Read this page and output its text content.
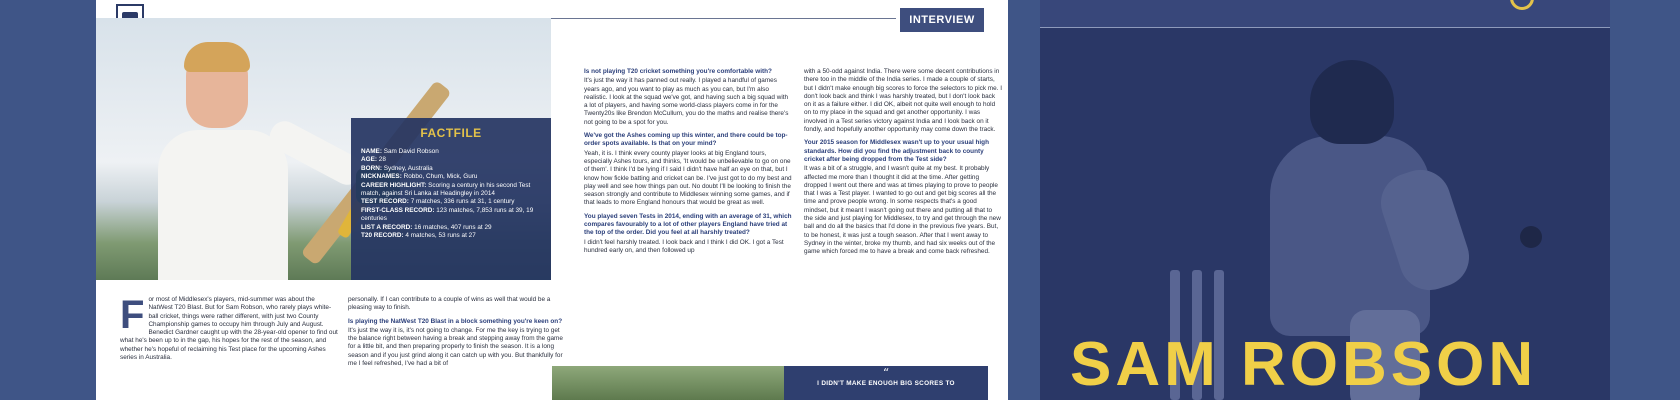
INTERVIEW
FACTFILE
NAME: Sam David Robson
AGE: 28
BORN: Sydney, Australia
NICKNAMES: Robbo, Chum, Mick, Guru
CAREER HIGHLIGHT: Scoring a century in his second Test match, against Sri Lanka at Headingley in 2014
TEST RECORD: 7 matches, 336 runs at 31, 1 century
FIRST-CLASS RECORD: 123 matches, 7,853 runs at 39, 19 centuries
LIST A RECORD: 16 matches, 407 runs at 29
T20 RECORD: 4 matches, 53 runs at 27
F or most of Middlesex's players, mid-summer was about the NatWest T20 Blast. But for Sam Robson, who rarely plays white-ball cricket, things were rather different, with just two County Championship games to occupy him through July and August. Benedict Gardner caught up with the 28-year-old opener to find out what he's been up to in the gap, his hopes for the rest of the season, and whether he's hopeful of reclaiming his Test place for the upcoming Ashes series in Australia.

personally. If I can contribute to a couple of wins as well that would be a pleasing way to finish.

Is playing the NatWest T20 Blast in a block something you're keen on?

It's just the way it is, it's not going to change. For me the key is trying to get the balance right between having a break and stepping away from the game for a little bit, and then preparing properly to finish the season. It is a long season and if you just grind along it can catch up with you. But thankfully for me I feel refreshed, I've had a bit of

Is not playing T20 cricket something you're comfortable with?

It's just the way it has panned out really. I played a handful of games years ago, and you want to play as much as you can, but I'm also realistic. I look at the squad we've got, and having such a big squad with a lot of players, and having some world-class players come in for the Twenty20s like Brendon McCullum, you do the maths and realise there's not going to be a spot for you.

We've got the Ashes coming up this winter, and there could be top-order spots available. Is that on your mind?

Yeah, it is. I think every county player looks at big England tours, especially Ashes tours, and thinks, 'It would be unbelievable to go on one of them'. I think I'd be lying if I said I didn't have half an eye on that, but I know how fickle batting and cricket can be. I've just got to do my best and play well and see how things pan out. No doubt I'll be looking to finish the season strongly and contribute to Middlesex winning some games, and if that leads to more England honours that would be great as well.

You played seven Tests in 2014, ending with an average of 31, which compares favourably to a lot of other players England have tried at the top of the order. Did you feel at all harshly treated?

I didn't feel harshly treated. I look back and I think I did OK. I got a Test hundred early on, and then followed up

with a 50-odd against India. There were some decent contributions in there too in the middle of the India series. I made a couple of starts, but I didn't make enough big scores to force the selectors to pick me. I don't look back and think I was harshly treated, but I don't look back on it as a failure either. I did OK, albeit not quite well enough to hold on to my place in the squad and get another opportunity. I was involved in a Test series victory against India and I look back on it fondly, and hopefully another opportunity may come down the track.

Your 2015 season for Middlesex wasn't up to your usual high standards. How did you find the adjustment back to county cricket after being dropped from the Test side?

It was a bit of a struggle, and I wasn't quite at my best. It probably affected me more than I thought it did at the time. After getting dropped I went out there and was at times playing to prove to people that I was a Test player. I wanted to go out and get big scores all the time and prove people wrong. In some respects that's a good mindset, but it meant I wasn't going out there and putting all that to the side and just playing for Middlesex, to try and get through the new ball and do all the basics that I'd done in the previous five years. But, to be honest, it was just a tough season. After that I went away to Sydney in the winter, broke my thumb, and had six weeks out of the game which forced me to have a break and come back refreshed.

“
I DIDN'T MAKE ENOUGH BIG SCORES TO	SAM ROBSON
